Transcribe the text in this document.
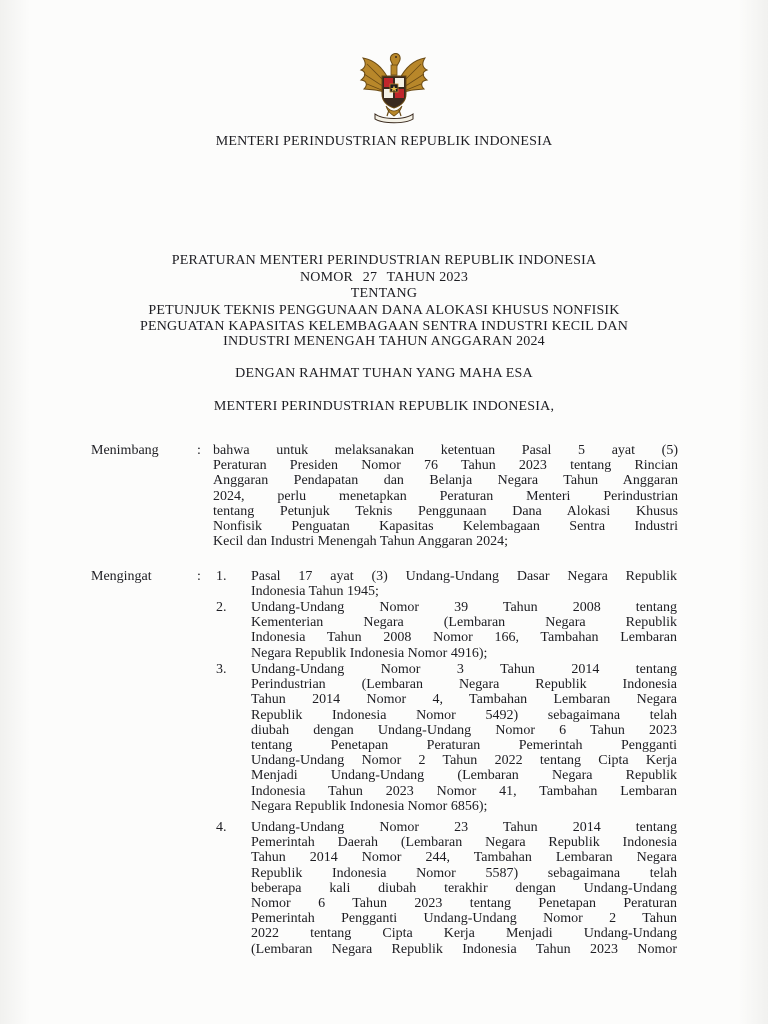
MENTERI PERINDUSTRIAN REPUBLIK INDONESIA
PERATURAN MENTERI PERINDUSTRIAN REPUBLIK INDONESIA
NOMOR 27 TAHUN 2023
TENTANG
PETUNJUK TEKNIS PENGGUNAAN DANA ALOKASI KHUSUS NONFISIK
PENGUATAN KAPASITAS KELEMBAGAAN SENTRA INDUSTRI KECIL DAN
INDUSTRI MENENGAH TAHUN ANGGARAN 2024
DENGAN RAHMAT TUHAN YANG MAHA ESA
MENTERI PERINDUSTRIAN REPUBLIK INDONESIA,
Menimbang	: bahwa untuk melaksanakan ketentuan Pasal 5 ayat (5)
Peraturan Presiden Nomor 76 Tahun 2023 tentang Rincian
Anggaran Pendapatan dan Belanja Negara Tahun Anggaran
2024, perlu menetapkan Peraturan Menteri Perindustrian
tentang Petunjuk Teknis Penggunaan Dana Alokasi Khusus
Nonfisik Penguatan Kapasitas Kelembagaan Sentra Industri
Kecil dan Industri Menengah Tahun Anggaran 2024;
Mengingat	: 1. Pasal 17 ayat (3) Undang-Undang Dasar Negara Republik
Indonesia Tahun 1945;
2. Undang-Undang Nomor 39 Tahun 2008 tentang
Kementerian Negara (Lembaran Negara Republik
Indonesia Tahun 2008 Nomor 166, Tambahan Lembaran
Negara Republik Indonesia Nomor 4916);
3. Undang-Undang Nomor 3 Tahun 2014 tentang
Perindustrian (Lembaran Negara Republik Indonesia
Tahun 2014 Nomor 4, Tambahan Lembaran Negara
Republik Indonesia Nomor 5492) sebagaimana telah
diubah dengan Undang-Undang Nomor 6 Tahun 2023
tentang Penetapan Peraturan Pemerintah Pengganti
Undang-Undang Nomor 2 Tahun 2022 tentang Cipta Kerja
Menjadi Undang-Undang (Lembaran Negara Republik
Indonesia Tahun 2023 Nomor 41, Tambahan Lembaran
Negara Republik Indonesia Nomor 6856);
4. Undang-Undang Nomor 23 Tahun 2014 tentang
Pemerintah Daerah (Lembaran Negara Republik Indonesia
Tahun 2014 Nomor 244, Tambahan Lembaran Negara
Republik Indonesia Nomor 5587) sebagaimana telah
beberapa kali diubah terakhir dengan Undang-Undang
Nomor 6 Tahun 2023 tentang Penetapan Peraturan
Pemerintah Pengganti Undang-Undang Nomor 2 Tahun
2022 tentang Cipta Kerja Menjadi Undang-Undang
(Lembaran Negara Republik Indonesia Tahun 2023 Nomor
